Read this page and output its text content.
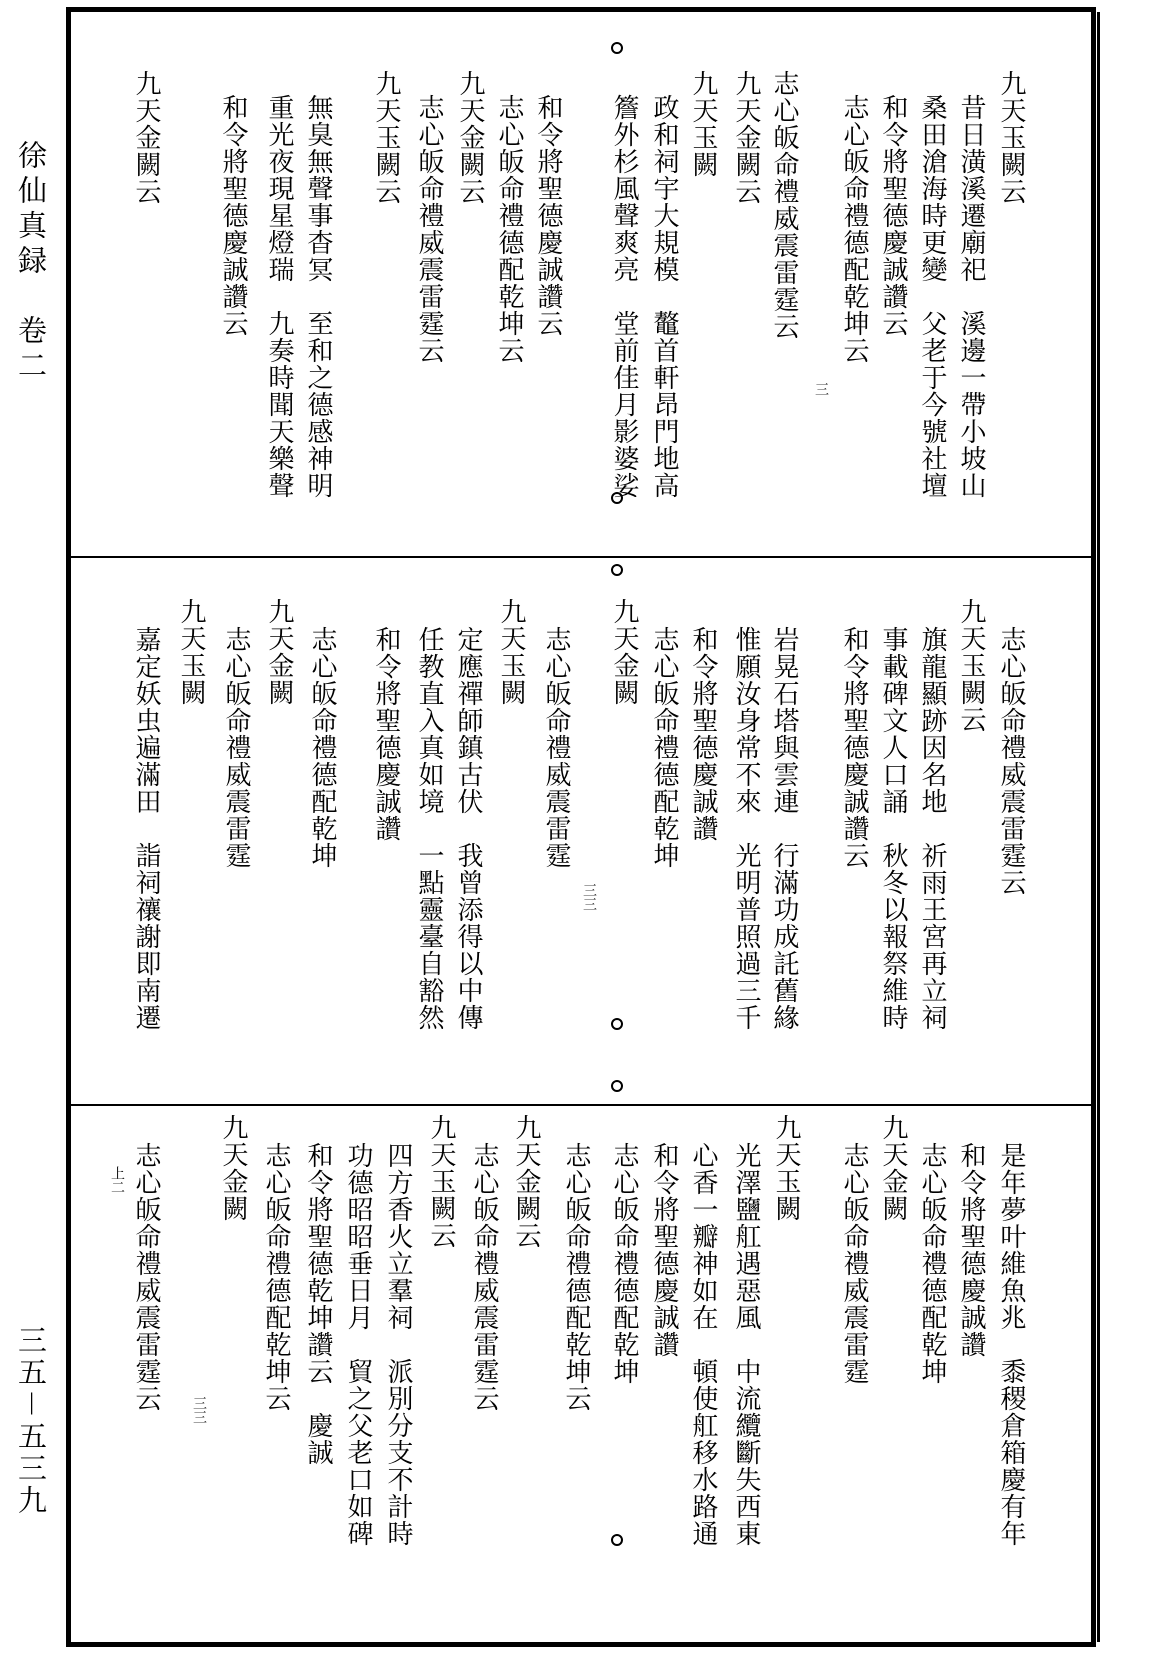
徐仙真録　卷二
三五－五三九
九天玉闕云
昔日潢溪遷廟祀　溪邊一帶小坡山
桑田滄海時更變　父老于今號社壇
和令將聖德慶誠讚云
志心皈命禮德配乾坤云
三
志心皈命禮威震雷霆云
九天金闕云
九天玉闕
政和祠宇大規模　鼇首軒昂門地高
簷外杉風聲爽亮　堂前佳月影婆娑
和令將聖德慶誠讚云
志心皈命禮德配乾坤云
九天金闕云
志心皈命禮威震雷霆云
九天玉闕云
無臭無聲事杳冥　至和之德感神明
重光夜現星燈瑞　九奏時聞天樂聲
和令將聖德慶誠讚云
九天金闕云
志心皈命禮威震雷霆云
九天玉闕云
旗龍顯跡因名地　祈雨王宮再立祠
事載碑文人口誦　秋冬以報祭維時
和令將聖德慶誠讚云
岩晃石塔與雲連　行滿功成託舊緣
惟願汝身常不來　光明普照過三千
和令將聖德慶誠讚
志心皈命禮德配乾坤
九天金闕
三三
志心皈命禮威震雷霆
九天玉闕
定應禪師鎮古伏　我曾添得以中傳
任教直入真如境　一點靈臺自豁然
和令將聖德慶誠讚
志心皈命禮德配乾坤
九天金闕
志心皈命禮威震雷霆
九天玉闕
嘉定妖虫遍滿田　詣祠禳謝即南遷
是年夢叶維魚兆　黍稷倉箱慶有年
和令將聖德慶誠讚
志心皈命禮德配乾坤
九天金闕
志心皈命禮威震雷霆
九天玉闕
光澤鹽舡遇惡風　中流纜斷失西東
心香一瓣神如在　頓使舡移水路通
和令將聖德慶誠讚
志心皈命禮德配乾坤
志心皈命禮德配乾坤云
九天金闕云
志心皈命禮威震雷霆云
九天玉闕云
四方香火立羣祠　派別分支不計時
功德昭昭垂日月　貿之父老口如碑
和令將聖德乾坤讚云　慶誠
志心皈命禮德配乾坤云
九天金闕
三三
志心皈命禮威震雷霆云
上二
